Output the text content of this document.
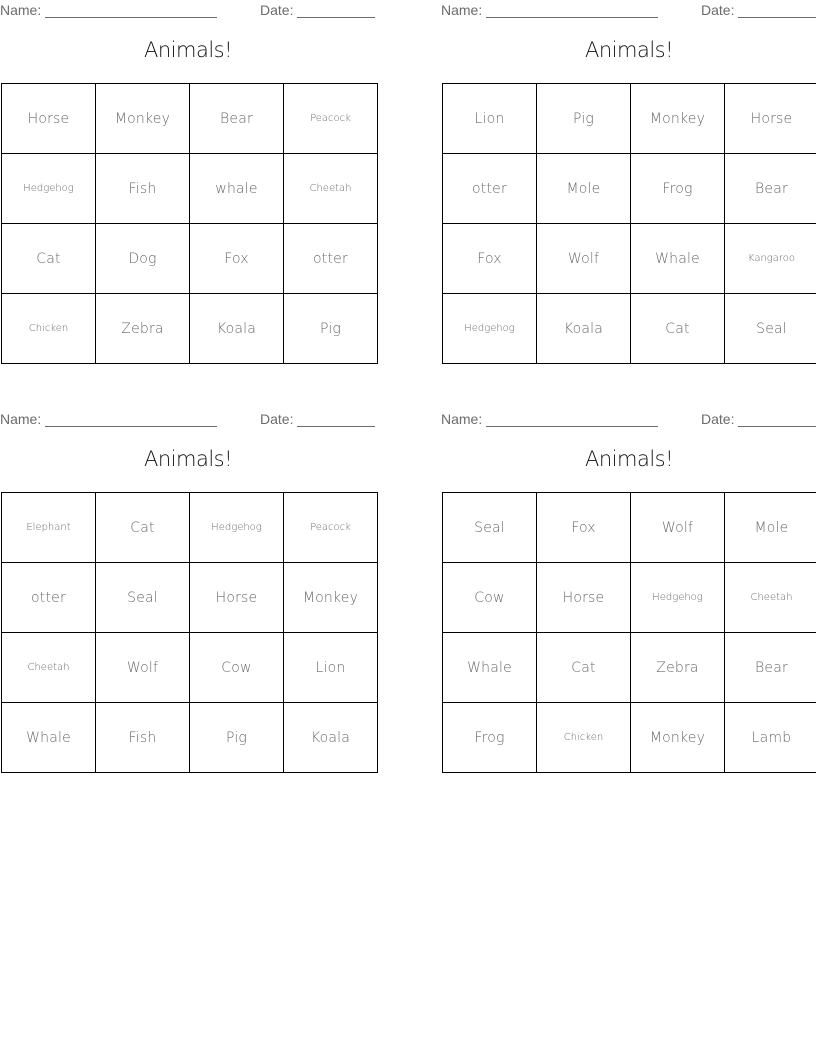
Name:	Date:
Animals!
Horse	Monkey	Bear	Peacock
Hedgehog	Fish	whale	Cheetah
Cat	Dog	Fox	otter
Chicken	Zebra	Koala	Pig
Name:	Date:
Animals!
Lion	Pig	Monkey	Horse
otter	Mole	Frog	Bear
Fox	Wolf	Whale	Kangaroo
Hedgehog	Koala	Cat	Seal
Name:	Date:
Animals!
Elephant	Cat	Hedgehog	Peacock
otter	Seal	Horse	Monkey
Cheetah	Wolf	Cow	Lion
Whale	Fish	Pig	Koala
Name:	Date:
Animals!
Seal	Fox	Wolf	Mole
Cow	Horse	Hedgehog	Cheetah
Whale	Cat	Zebra	Bear
Frog	Chicken	Monkey	Lamb
